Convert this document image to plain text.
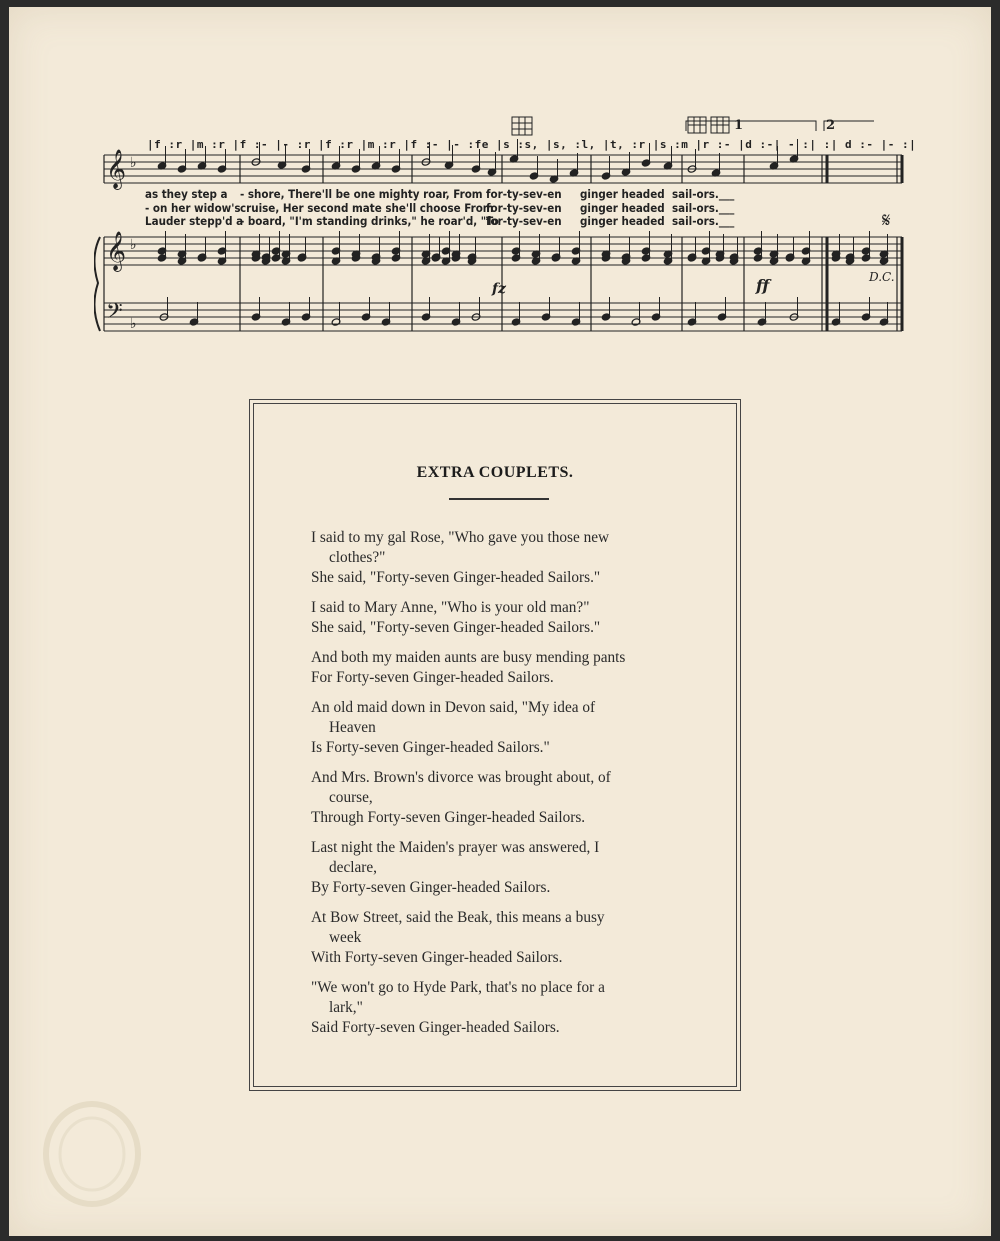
|f :r |m :r |f :- |- :r |f :r |m :r |f :- |- :fe |s :s, |s, :l, |t, :r |s :m |r :- |d :-| - :| :| d :- |- :|
1	2
𝄞
𝄞
𝄢
♭
♭
♭
fz	ff	D.C.
𝄋
as they step a	- shore, There'll be one mighty roar, From for-ty-sev-en	ginger headed sail-ors.___
- on her widow's cruise, Her second mate she'll choose From
for-ty-sev-en	ginger headed sail-ors.___
Lauder stepp'd a
- board, "I'm standing drinks," he roar'd, "To
for-ty-sev-en	ginger headed sail-ors.___
EXTRA COUPLETS.

I said to my gal Rose, "Who gave you those new

clothes?"

She said, "Forty-seven Ginger-headed Sailors."

I said to Mary Anne, "Who is your old man?"

She said, "Forty-seven Ginger-headed Sailors."

And both my maiden aunts are busy mending pants

For Forty-seven Ginger-headed Sailors.

An old maid down in Devon said, "My idea of

Heaven

Is Forty-seven Ginger-headed Sailors."

And Mrs. Brown's divorce was brought about, of

course,

Through Forty-seven Ginger-headed Sailors.

Last night the Maiden's prayer was answered, I

declare,

By Forty-seven Ginger-headed Sailors.

At Bow Street, said the Beak, this means a busy

week

With Forty-seven Ginger-headed Sailors.

"We won't go to Hyde Park, that's no place for a

lark,"

Said Forty-seven Ginger-headed Sailors.
